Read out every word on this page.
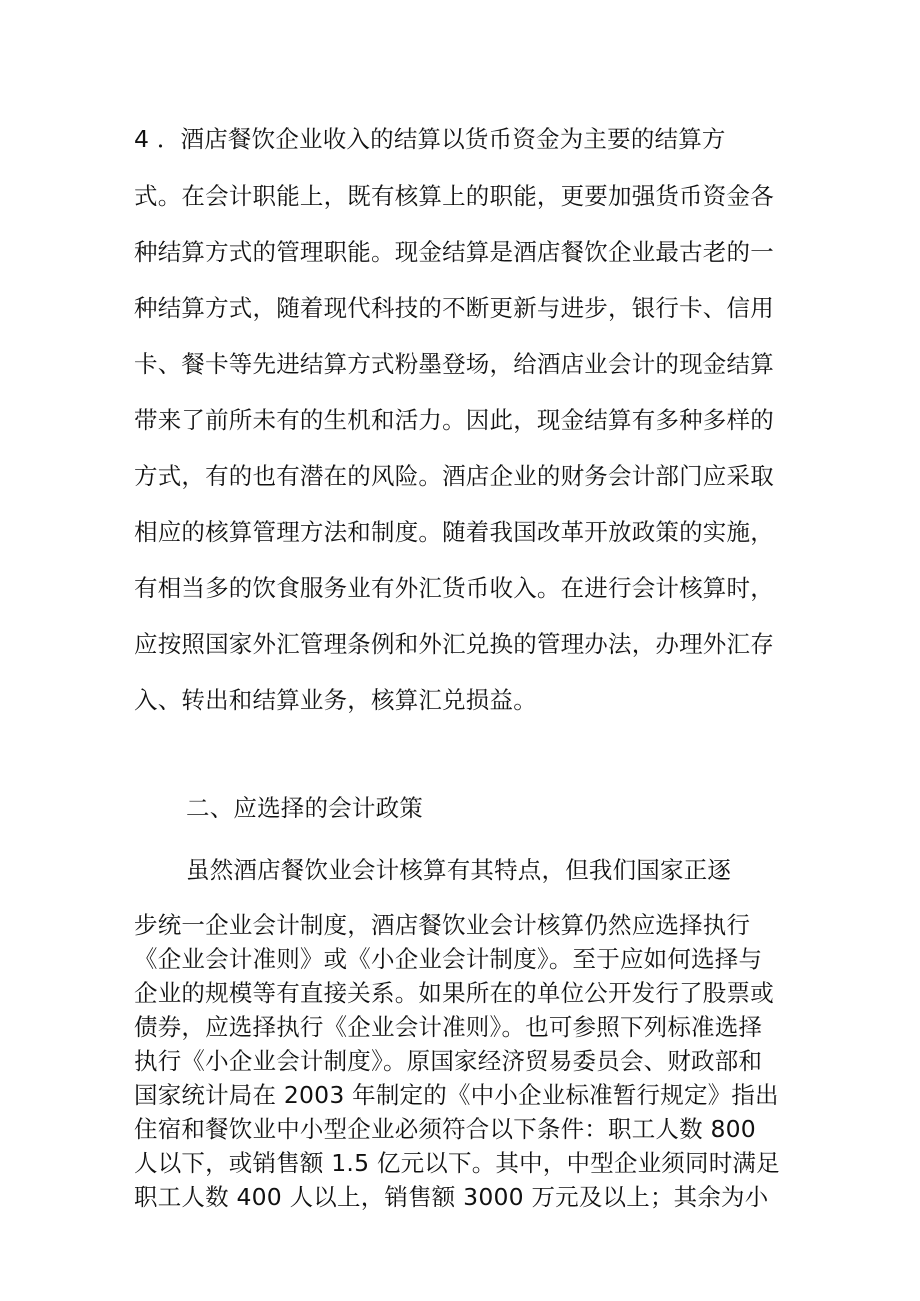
4 ．酒店餐饮企业收入的结算以货币资金为主要的结算方
式。在会计职能上，既有核算上的职能，更要加强货币资金各
种结算方式的管理职能。现金结算是酒店餐饮企业最古老的一
种结算方式，随着现代科技的不断更新与进步，银行卡、信用
卡、餐卡等先进结算方式粉墨登场，给酒店业会计的现金结算
带来了前所未有的生机和活力。因此，现金结算有多种多样的
方式，有的也有潜在的风险。酒店企业的财务会计部门应采取
相应的核算管理方法和制度。随着我国改革开放政策的实施，
有相当多的饮食服务业有外汇货币收入。在进行会计核算时，
应按照国家外汇管理条例和外汇兑换的管理办法，办理外汇存
入、转出和结算业务，核算汇兑损益。
二、应选择的会计政策
虽然酒店餐饮业会计核算有其特点，但我们国家正逐
步统一企业会计制度，酒店餐饮业会计核算仍然应选择执行
《企业会计准则》或《小企业会计制度》。至于应如何选择与
企业的规模等有直接关系。如果所在的单位公开发行了股票或
债券，应选择执行《企业会计准则》。也可参照下列标准选择
执行《小企业会计制度》。原国家经济贸易委员会、财政部和
国家统计局在 2003 年制定的《中小企业标准暂行规定》指出
住宿和餐饮业中小型企业必须符合以下条件：职工人数 800
人以下，或销售额 1.5 亿元以下。其中，中型企业须同时满足
职工人数 400 人以上，销售额 3000 万元及以上；其余为小
